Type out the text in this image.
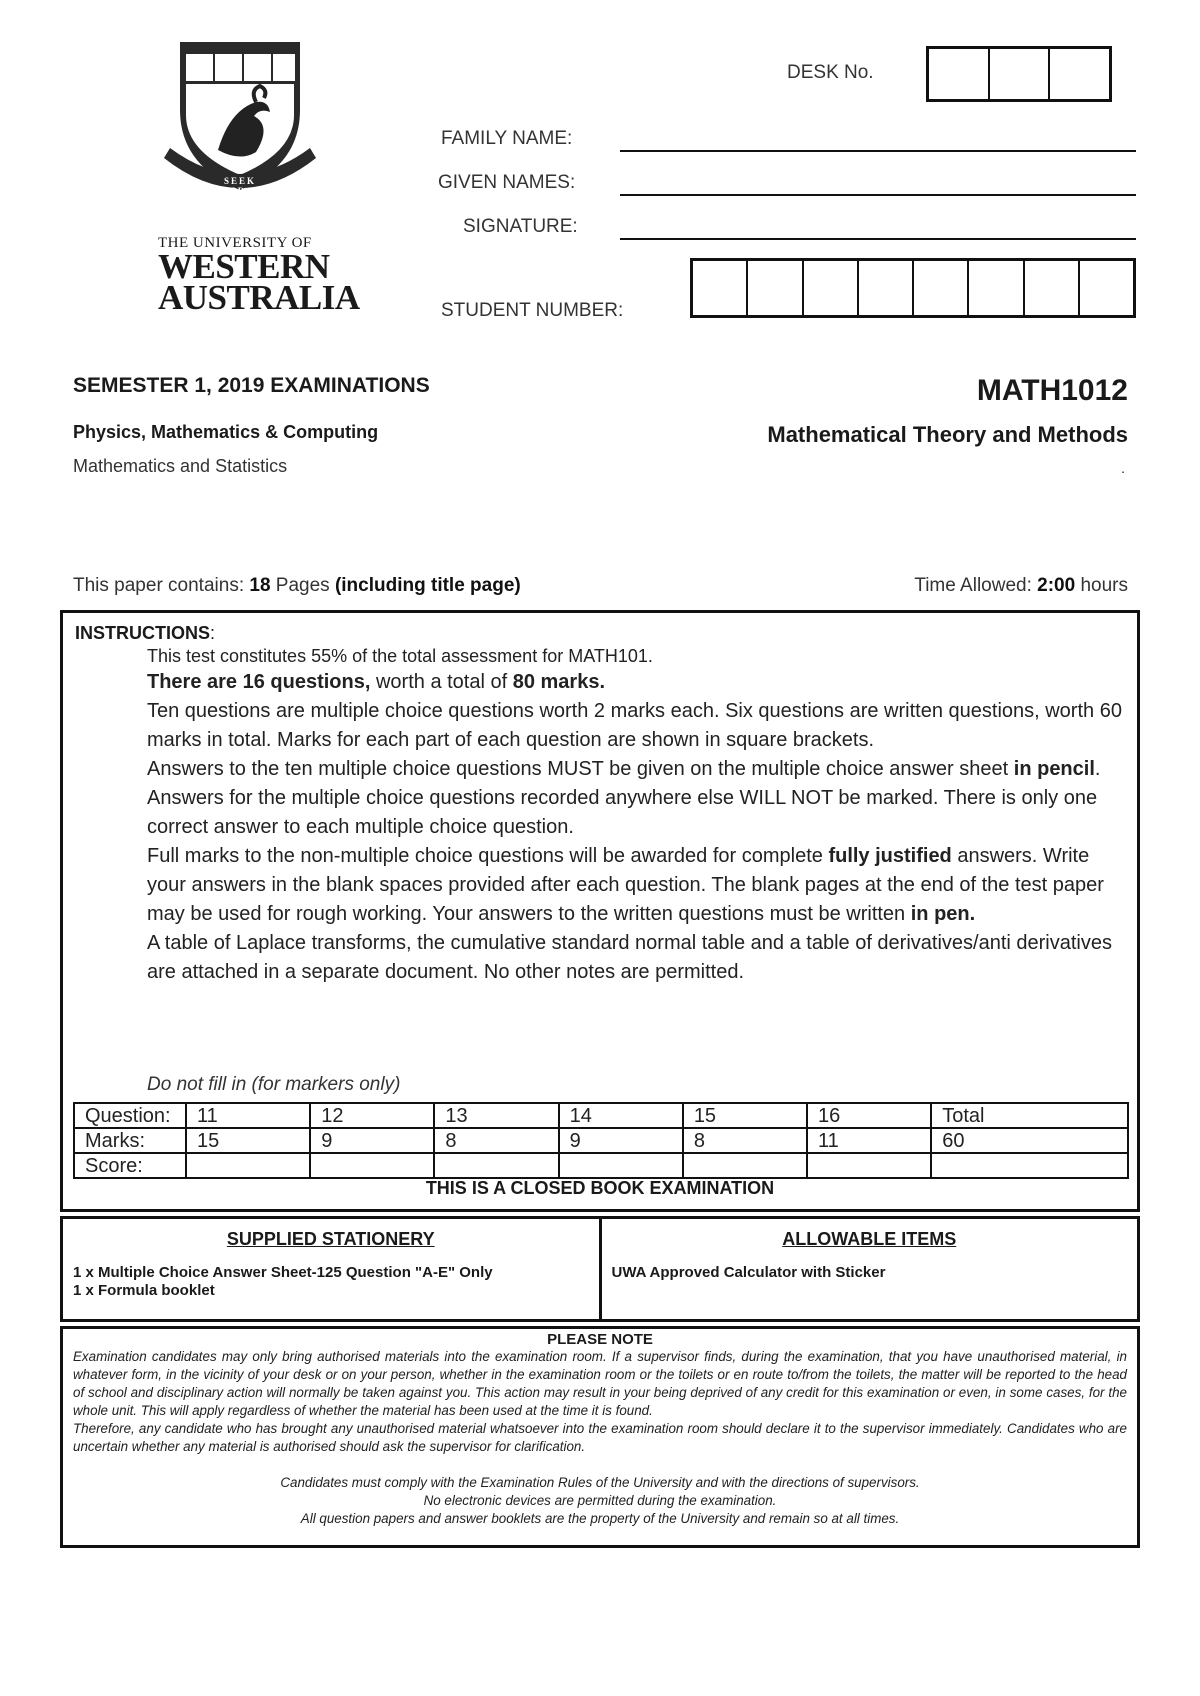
SEEK WISDOM
THE UNIVERSITY OF
WESTERN
AUSTRALIA
DESK No.
FAMILY NAME:
GIVEN NAMES:
SIGNATURE:
STUDENT NUMBER:
SEMESTER 1, 2019 EXAMINATIONS
Physics, Mathematics & Computing
Mathematics and Statistics
MATH1012
Mathematical Theory and Methods
.
This paper contains: 18 Pages (including title page)	Time Allowed: 2:00 hours
INSTRUCTIONS:

This test constitutes 55% of the total assessment for MATH101.

There are 16 questions, worth a total of 80 marks.

Ten questions are multiple choice questions worth 2 marks each. Six questions are written questions, worth 60 marks in total. Marks for each part of each question are shown in square brackets.

Answers to the ten multiple choice questions MUST be given on the multiple choice answer sheet in pencil. Answers for the multiple choice questions recorded anywhere else WILL NOT be marked. There is only one correct answer to each multiple choice question.

Full marks to the non-multiple choice questions will be awarded for complete fully justified answers. Write your answers in the blank spaces provided after each question. The blank pages at the end of the test paper may be used for rough working. Your answers to the written questions must be written in pen.

A table of Laplace transforms, the cumulative standard normal table and a table of derivatives/anti derivatives are attached in a separate document. No other notes are permitted.

Do not fill in (for markers only)
Question:	11	12	13	14	15	16	Total
Marks:	15	9	8	9	8	11	60
Score:							
THIS IS A CLOSED BOOK EXAMINATION
SUPPLIED STATIONERY
1 x Multiple Choice Answer Sheet-125 Question "A-E" Only
1 x Formula booklet
ALLOWABLE ITEMS
UWA Approved Calculator with Sticker
PLEASE NOTE
Examination candidates may only bring authorised materials into the examination room. If a supervisor finds, during the examination, that you have unauthorised material, in whatever form, in the vicinity of your desk or on your person, whether in the examination room or the toilets or en route to/from the toilets, the matter will be reported to the head of school and disciplinary action will normally be taken against you. This action may result in your being deprived of any credit for this examination or even, in some cases, for the whole unit. This will apply regardless of whether the material has been used at the time it is found.
Therefore, any candidate who has brought any unauthorised material whatsoever into the examination room should declare it to the supervisor immediately. Candidates who are uncertain whether any material is authorised should ask the supervisor for clarification.
Candidates must comply with the Examination Rules of the University and with the directions of supervisors.
No electronic devices are permitted during the examination.
All question papers and answer booklets are the property of the University and remain so at all times.
